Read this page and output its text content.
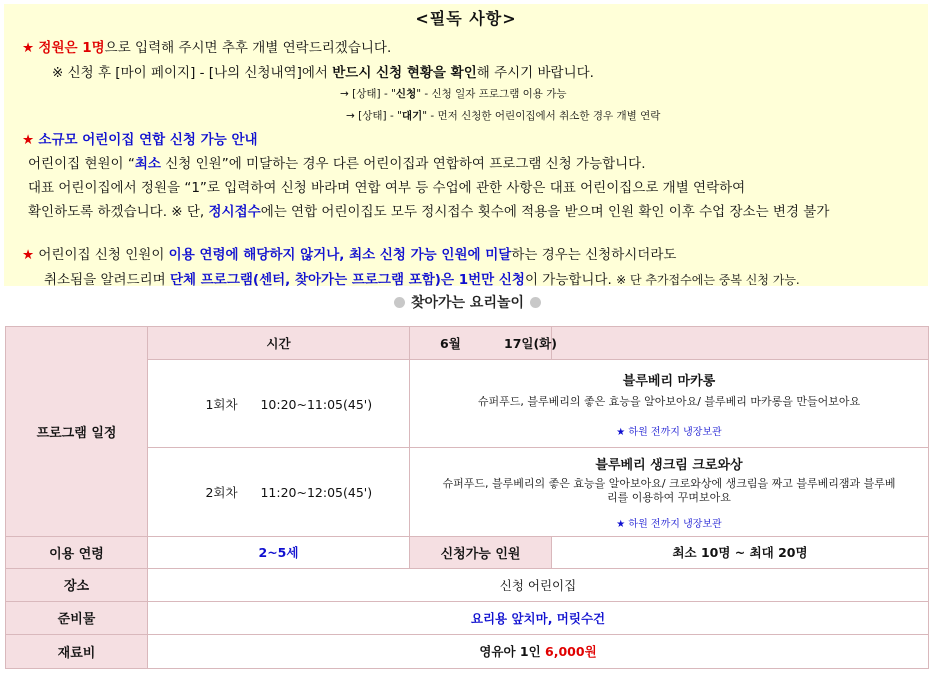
<필독 사항>
★ 정원은 1명으로 입력해 주시면 추후 개별 연락드리겠습니다.
※ 신청 후 [마이 페이지] - [나의 신청내역]에서 반드시 신청 현황을 확인해 주시기 바랍니다.
→ [상태] - "신청" - 신청 일자 프로그램 이용 가능
→ [상태] - "대기" - 먼저 신청한 어린이집에서 취소한 경우 개별 연락
★ 소규모 어린이집 연합 신청 가능 안내
어린이집 현원이 “최소 신청 인원”에 미달하는 경우 다른 어린이집과 연합하여 프로그램 신청 가능합니다.
대표 어린이집에서 정원을 “1”로 입력하여 신청 바라며 연합 여부 등 수업에 관한 사항은 대표 어린이집으로 개별 연락하여
확인하도록 하겠습니다. ※ 단, 정시접수에는 연합 어린이집도 모두 정시접수 횟수에 적용을 받으며 인원 확인 이후 수업 장소는 변경 불가
★ 어린이집 신청 인원이 이용 연령에 해당하지 않거나, 최소 신청 가능 인원에 미달하는 경우는 신청하시더라도
취소됨을 알려드리며 단체 프로그램(센터, 찾아가는 프로그램 포함)은 1번만 신청이 가능합니다. ※ 단 추가접수에는 중복 신청 가능.
찾아가는 요리놀이
프로그램 일정	시간	6월	17일(화)
	1회차 10:20~11:05(45')	블루베리 마카롱
슈퍼푸드, 블루베리의 좋은 효능을 알아보아요/ 블루베리 마카롱을 만들어보아요
★ 하원 전까지 냉장보관	

	2회차 11:20~12:05(45')	블루베리 생크림 크로와상
슈퍼푸드, 블루베리의 좋은 효능을 알아보아요/ 크로와상에 생크림을 짜고 블루베리잼과 블루베리를 이용하여 꾸며보아요
★ 하원 전까지 냉장보관	

이용 연령	2~5세	신청가능 인원	최소 10명 ~ 최대 20명
장소	신청 어린이집		
준비물	요리용 앞치마, 머릿수건		
재료비	영유아 1인 6,000원		
